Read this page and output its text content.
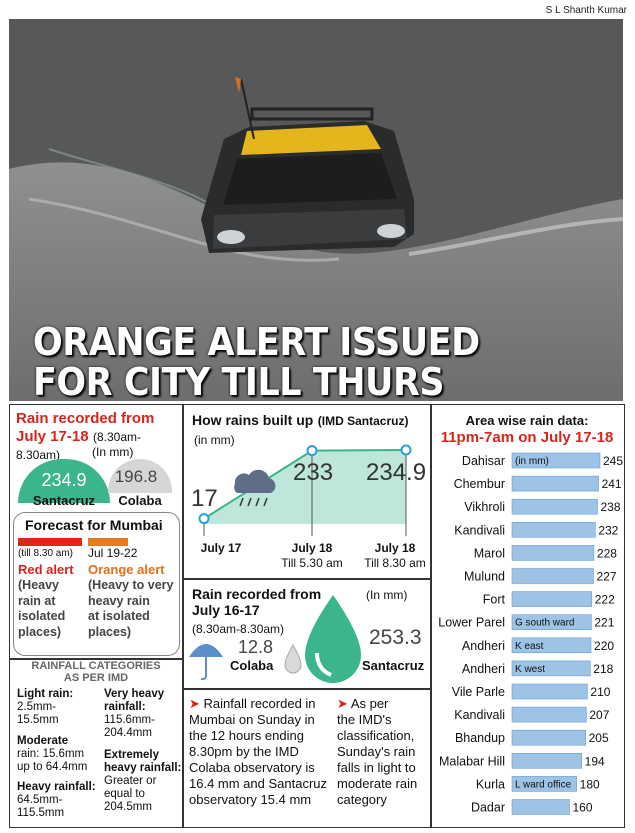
S L Shanth Kumar
ORANGE ALERT ISSUED
FOR CITY TILL THURS
Rain recorded from July 17-18 (8.30am-8.30am)	(In mm)
234.9
Santacruz
196.8
Colaba
Forecast for Mumbai
(till 8.30 am) Jul 19-22
Red alert Orange alert
(Heavy
rain at
isolated
places)
(Heavy to very
heavy rain
at isolated
places)
RAINFALL CATEGORIES
AS PER IMD
Light rain:
2.5mm-
15.5mm
Very heavy
rainfall:
115.6mm-
204.4mm
Moderate
rain: 15.6mm
up to 64.4mm
Extremely
heavy rainfall:
Greater or
equal to
204.5mm
Heavy rainfall:
64.5mm-
115.5mm
How rains built up (IMD Santacruz)
(in mm)
17
233 234.9
July 17	July 18
Till 5.30 am
July 18
Till 8.30 am
Rain recorded from
July 16-17
(8.30am-8.30am)
(In mm)
12.8
Colaba
253.3
Santacruz
➤ Rainfall recorded in
Mumbai on Sunday in
the 12 hours ending
8.30pm by the IMD
Colaba observatory is
16.4 mm and Santacruz
observatory 15.4 mm
➤ As per
the IMD's
classification,
Sunday's rain
falls in light to
moderate rain
category
Area wise rain data:
11pm-7am on July 17-18
Dahisar (in mm)	245
Chembur	241
Vikhroli	238
Kandivali	232
Marol	228
Mulund	227
Fort	222
Lower Parel G south ward 221
Andheri K east	220
Andheri K west	218
Vile Parle	210
Kandivali	207
Bhandup	205
Malabar Hill	194
Kurla L ward office 180
Dadar	160
